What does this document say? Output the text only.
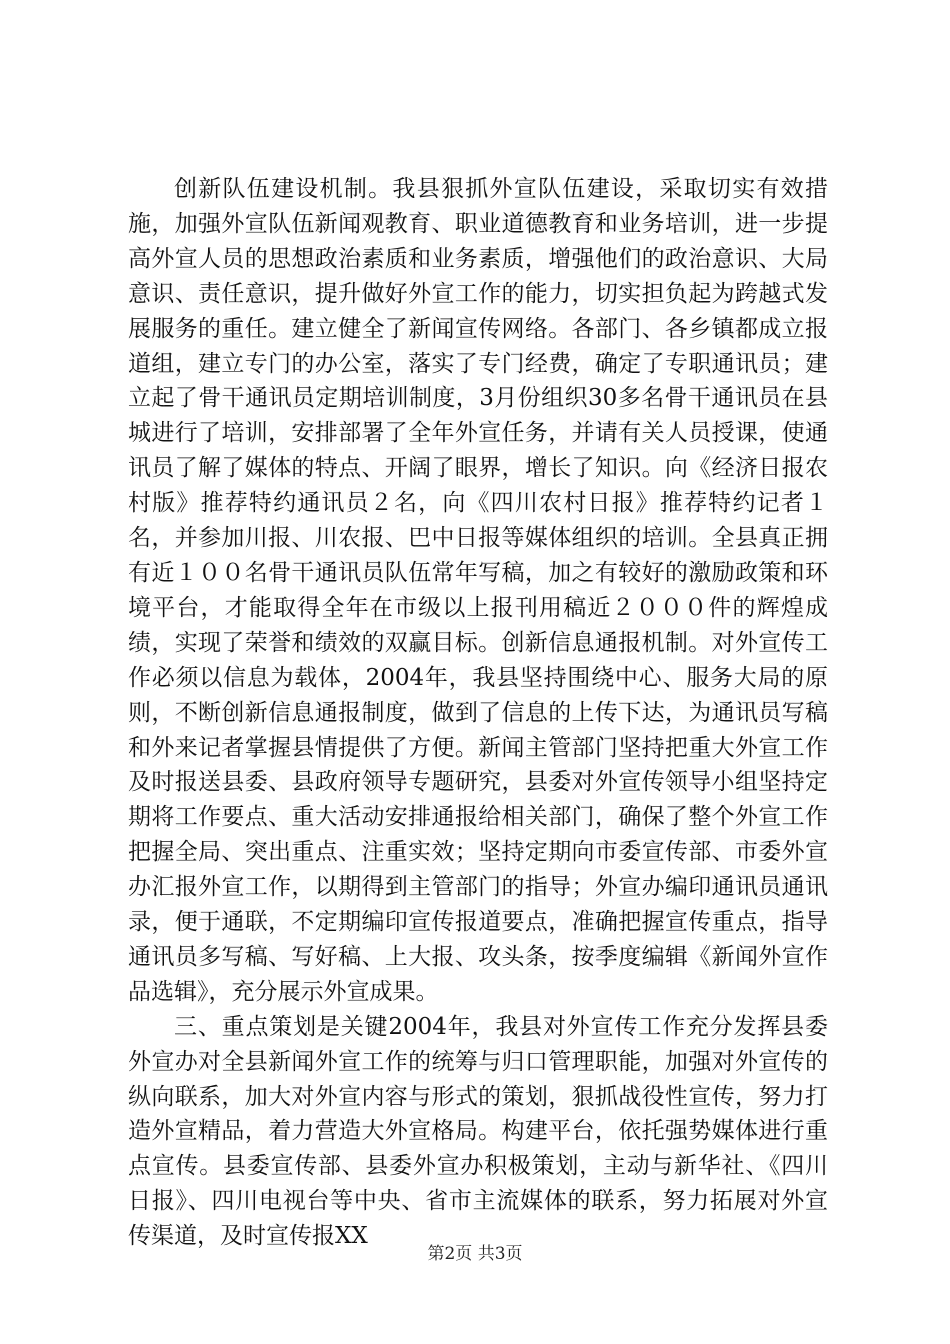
创新队伍建设机制。我县狠抓外宣队伍建设，采取切实有效措施，加强外宣队伍新闻观教育、职业道德教育和业务培训，进一步提高外宣人员的思想政治素质和业务素质，增强他们的政治意识、大局意识、责任意识，提升做好外宣工作的能力，切实担负起为跨越式发展服务的重任。建立健全了新闻宣传网络。各部门、各乡镇都成立报道组，建立专门的办公室，落实了专门经费，确定了专职通讯员；建立起了骨干通讯员定期培训制度，3月份组织30多名骨干通讯员在县城进行了培训，安排部署了全年外宣任务，并请有关人员授课，使通讯员了解了媒体的特点、开阔了眼界，增长了知识。向《经济日报农村版》推荐特约通讯员２名，向《四川农村日报》推荐特约记者１名，并参加川报、川农报、巴中日报等媒体组织的培训。全县真正拥有近１００名骨干通讯员队伍常年写稿，加之有较好的激励政策和环境平台，才能取得全年在市级以上报刊用稿近２０００件的辉煌成绩，实现了荣誉和绩效的双赢目标。创新信息通报机制。对外宣传工作必须以信息为载体，2004年，我县坚持围绕中心、服务大局的原则，不断创新信息通报制度，做到了信息的上传下达，为通讯员写稿和外来记者掌握县情提供了方便。新闻主管部门坚持把重大外宣工作及时报送县委、县政府领导专题研究，县委对外宣传领导小组坚持定期将工作要点、重大活动安排通报给相关部门，确保了整个外宣工作把握全局、突出重点、注重实效；坚持定期向市委宣传部、市委外宣办汇报外宣工作，以期得到主管部门的指导；外宣办编印通讯员通讯录，便于通联，不定期编印宣传报道要点，准确把握宣传重点，指导通讯员多写稿、写好稿、上大报、攻头条，按季度编辑《新闻外宣作品选辑》，充分展示外宣成果。

三、重点策划是关键2004年，我县对外宣传工作充分发挥县委外宣办对全县新闻外宣工作的统筹与归口管理职能，加强对外宣传的纵向联系，加大对外宣内容与形式的策划，狠抓战役性宣传，努力打造外宣精品，着力营造大外宣格局。构建平台，依托强势媒体进行重点宣传。县委宣传部、县委外宣办积极策划，主动与新华社、《四川日报》、四川电视台等中央、省市主流媒体的联系，努力拓展对外宣传渠道，及时宣传报XX

第2页 共3页
